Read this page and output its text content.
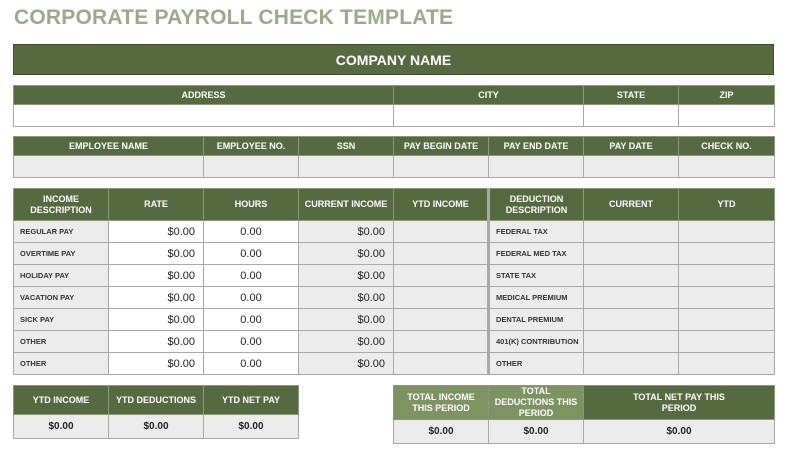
CORPORATE PAYROLL CHECK TEMPLATE
COMPANY NAME
ADDRESS	CITY	STATE	ZIP

EMPLOYEE NAME	EMPLOYEE NO.	SSN	PAY BEGIN DATE	PAY END DATE	PAY DATE	CHECK NO.

INCOME DESCRIPTION	RATE	HOURS	CURRENT INCOME	YTD INCOME	DEDUCTION DESCRIPTION	CURRENT	YTD
REGULAR PAY	$0.00	0.00	$0.00		FEDERAL TAX		
OVERTIME PAY	$0.00	0.00	$0.00		FEDERAL MED TAX		
HOLIDAY PAY	$0.00	0.00	$0.00		STATE TAX		
VACATION PAY	$0.00	0.00	$0.00		MEDICAL PREMIUM		
SICK PAY	$0.00	0.00	$0.00		DENTAL PREMIUM		
OTHER	$0.00	0.00	$0.00		401(K) CONTRIBUTION		
OTHER	$0.00	0.00	$0.00		OTHER		
YTD INCOME	YTD DEDUCTIONS	YTD NET PAY
$0.00	$0.00	$0.00
TOTAL INCOME THIS PERIOD	TOTAL DEDUCTIONS THIS PERIOD	TOTAL NET PAY THIS PERIOD
$0.00	$0.00	$0.00
